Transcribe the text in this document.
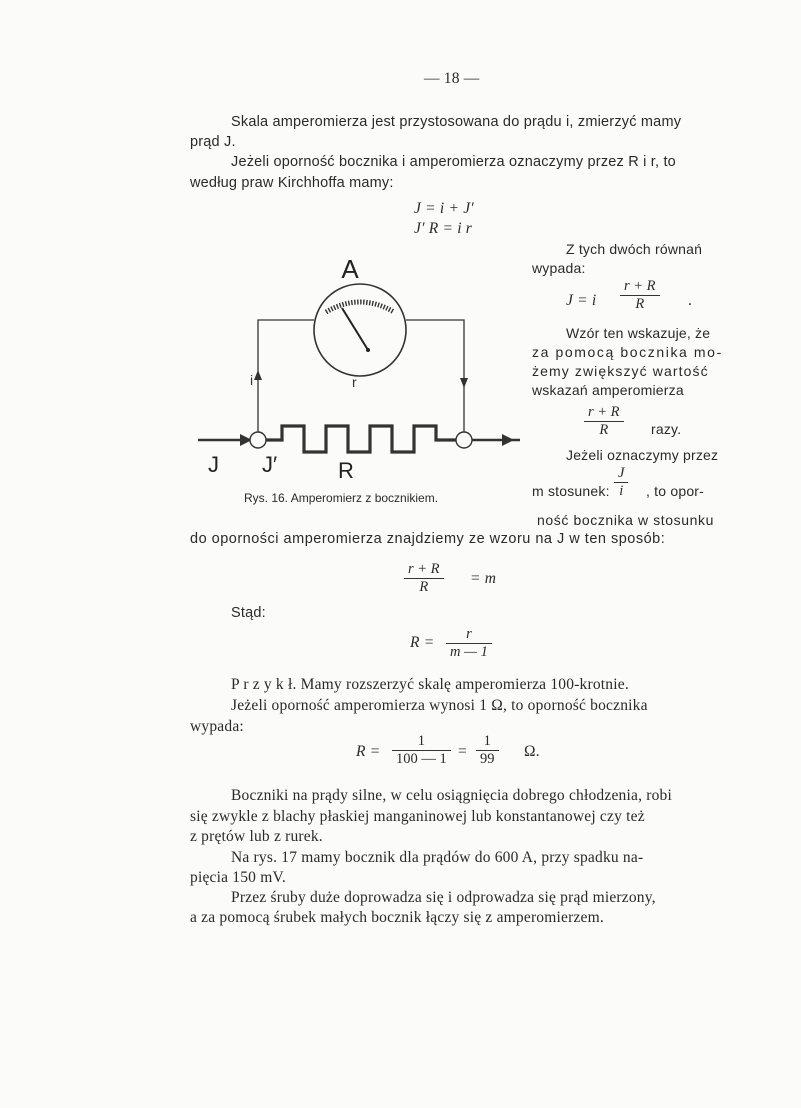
— 18 —
Skala amperomierza jest przystosowana do prądu i, zmierzyć mamy
prąd J.
Jeżeli oporność bocznika i amperomierza oznaczymy przez R i r, to
według praw Kirchhoffa mamy:
J = i + J′
J′ R = i r
Z tych dwóch równań
wypada:
J = i $\frac{r + R}{R}$ .
Wzór ten wskazuje, że
za pomocą bocznika mo-
żemy zwiększyć wartość
wskazań amperomierza
$\frac{r + R}{R}$ razy.
Jeżeli oznaczymy przez
m stosunek: $\frac{J}{i}$ , to opor-
ność bocznika w stosunku
A
i	r
J J′	R
Rys. 16. Amperomierz z bocznikiem.
do oporności amperomierza znajdziemy ze wzoru na J w ten sposób:
$\frac{r + R}{R} = m$
Stąd:
$R = \frac{r}{m — 1}$
P r z y k ł. Mamy rozszerzyć skalę amperomierza 100-krotnie.
Jeżeli oporność amperomierza wynosi 1 Ω, to oporność bocznika
wypada:
$R = \frac{1}{100 — 1} = \frac{1}{99} \Omega$.
Boczniki na prądy silne, w celu osiągnięcia dobrego chłodzenia, robi
się zwykle z blachy płaskiej manganinowej lub konstantanowej czy też
z prętów lub z rurek.
Na rys. 17 mamy bocznik dla prądów do 600 A, przy spadku na-
pięcia 150 mV.
Przez śruby duże doprowadza się i odprowadza się prąd mierzony,
a za pomocą śrubek małych bocznik łączy się z amperomierzem.
